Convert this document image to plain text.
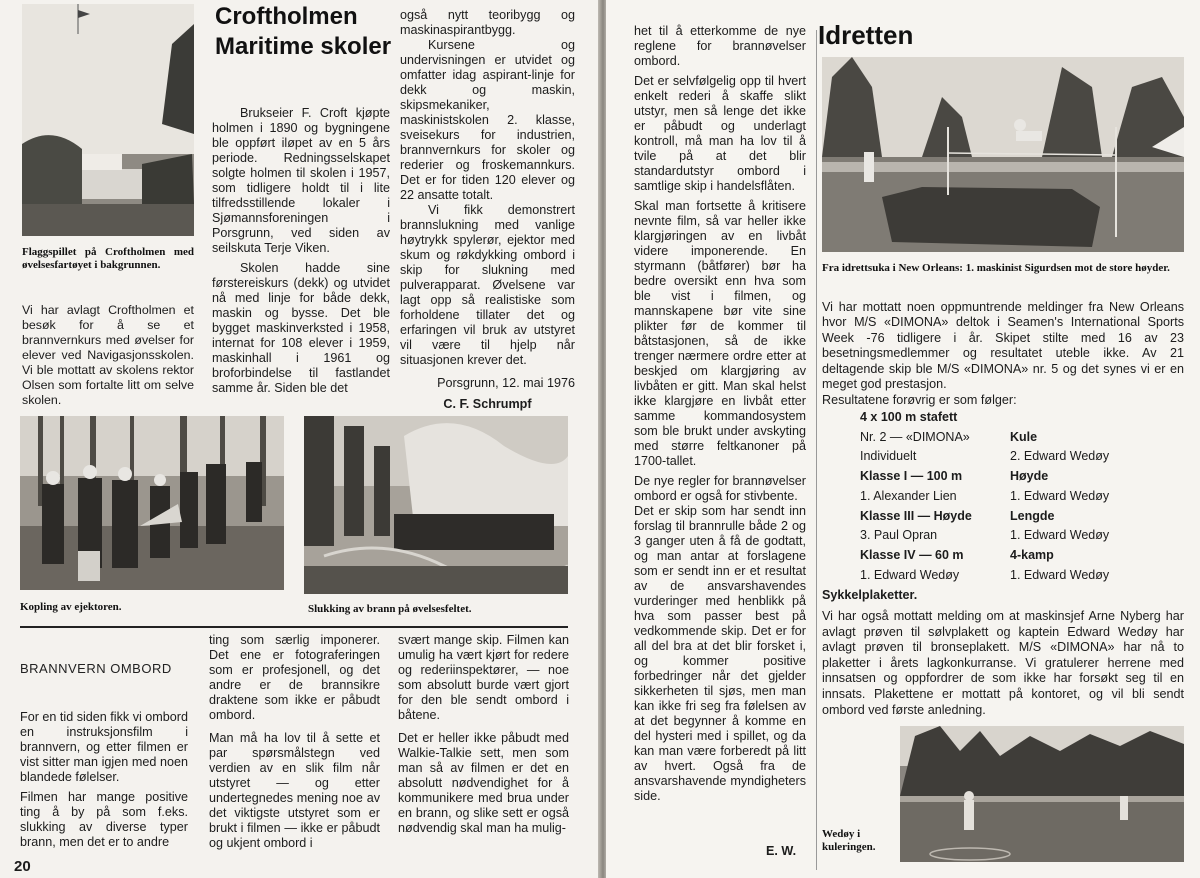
Flaggspillet på Croftholmen med øvelsesfartøyet i bakgrunnen.

Vi har avlagt Croftholmen et besøk for å se et brannvernkurs med øvelser for elever ved Navigasjonsskolen. Vi ble mottatt av skolens rektor Olsen som fortalte litt om selve skolen.

Croftholmen Maritime skoler

Brukseier F. Croft kjøpte holmen i 1890 og bygningene ble oppført iløpet av en 5 års periode. Redningsselskapet solgte holmen til skolen i 1957, som tidligere holdt til i lite tilfredsstillende lokaler i Sjømannsforeningen i Porsgrunn, ved siden av seilskuta Terje Viken.

Skolen hadde sine førstereiskurs (dekk) og utvidet nå med linje for både dekk, maskin og bysse. Det ble bygget maskinverksted i 1958, internat for 108 elever i 1959, maskinhall i 1961 og broforbindelse til fastlandet samme år. Siden ble det

også nytt teoribygg og maskinaspirantbygg.

Kursene og undervisningen er utvidet og omfatter idag aspirant-linje for dekk og maskin, skipsmekaniker, maskinistskolen 2. klasse, sveisekurs for industrien, brannvernkurs for skoler og rederier og froskemannkurs. Det er for tiden 120 elever og 22 ansatte totalt.

Vi fikk demonstrert brannslukning med vanlige høytrykk spylerør, ejektor med skum og røkdykking ombord i skip for slukning med pulverapparat. Øvelsene var lagt opp så realistiske som forholdene tillater det og erfaringen vil bruk av utstyret vil være til hjelp når situasjonen krever det.

Porsgrunn, 12. mai 1976

C. F. Schrumpf

Kopling av ejektoren.	Slukking av brann på øvelsesfeltet.
BRANNVERN OMBORD

For en tid siden fikk vi ombord en instruksjonsfilm i brannvern, og etter filmen er vist sitter man igjen med noen blandede følelser.

Filmen har mange positive ting å by på som f.eks. slukking av diverse typer brann, men det er to andre

ting som særlig imponerer. Det ene er fotograferingen som er profesjonell, og det andre er de brannsikre draktene som ikke er påbudt ombord.

Man må ha lov til å sette et par spørsmålstegn ved verdien av en slik film når utstyret — og etter undertegnedes mening noe av det viktigste utstyret som er brukt i filmen — ikke er påbudt og ukjent ombord i

svært mange skip. Filmen kan umulig ha vært kjørt for redere og rederiinspektører, — noe som absolutt burde vært gjort for den ble sendt ombord i båtene.

Det er heller ikke påbudt med Walkie-Talkie sett, men som man så av filmen er det en absolutt nødvendighet for å kommunikere med brua under en brann, og slike sett er også nødvendig skal man ha mulig-

20

het til å etterkomme de nye reglene for brannøvelser ombord.

Det er selvfølgelig opp til hvert enkelt rederi å skaffe slikt utstyr, men så lenge det ikke er påbudt og underlagt kontroll, må man ha lov til å tvile på at det blir standardutstyr ombord i samtlige skip i handelsflåten.

Skal man fortsette å kritisere nevnte film, så var heller ikke klargjøringen av en livbåt videre imponerende. En styrmann (båtfører) bør ha bedre oversikt enn hva som ble vist i filmen, og mannskapene bør vite sine plikter før de kommer til båtstasjonen, så de ikke trenger nærmere ordre etter at beskjed om klargjøring av livbåten er gitt. Man skal helst ikke klargjøre en livbåt etter samme kommandosystem som ble brukt under avskyting med større feltkanoner på 1700-tallet.

De nye regler for brannøvelser ombord er også for stivbente.

Det er skip som har sendt inn forslag til brannrulle både 2 og 3 ganger uten å få de godtatt, og man antar at forslagene som er sendt inn er et resultat av de ansvarshavendes vurderinger med henblikk på hva som passer best på vedkommende skip. Det er for all del bra at det blir forsket i, og kommer positive forbedringer når det gjelder sikkerheten til sjøs, men man kan ikke fri seg fra følelsen av at det begynner å komme en del hysteri med i spillet, og da kan man være forberedt på litt av hvert. Også fra de ansvarshavende myndigheters side.

E. W.
Idretten
Fra idrettsuka i New Orleans: 1. maskinist Sigurdsen mot de store høyder.

Vi har mottatt noen oppmuntrende meldinger fra New Orleans hvor M/S «DIMONA» deltok i Seamen's International Sports Week -76 tidligere i år. Skipet stilte med 16 av 23 besetningsmedlemmer og resultatet uteble ikke. Av 21 deltagende skip ble M/S «DIMONA» nr. 5 og det synes vi er en meget god prestasjon.

Resultatene forøvrig er som følger:

4 x 100 m stafett
Nr. 2 — «DIMONA»	Kule
Individuelt	2. Edward Wedøy
Klasse I — 100 m	Høyde
1. Alexander Lien	1. Edward Wedøy
Klasse III — Høyde	Lengde
3. Paul Opran	1. Edward Wedøy
Klasse IV — 60 m	4-kamp
1. Edward Wedøy	1. Edward Wedøy
Sykkelplaketter.

Vi har også mottatt melding om at maskinsjef Arne Nyberg har avlagt prøven til sølvplakett og kaptein Edward Wedøy har avlagt prøven til bronseplakett. M/S «DIMONA» har nå to plaketter i årets lagkonkurranse. Vi gratulerer herrene med innsatsen og oppfordrer de som ikke har forsøkt seg til en innsats. Plakettene er mottatt på kontoret, og vil bli sendt ombord ved første anledning.

Wedøy i kuleringen.
